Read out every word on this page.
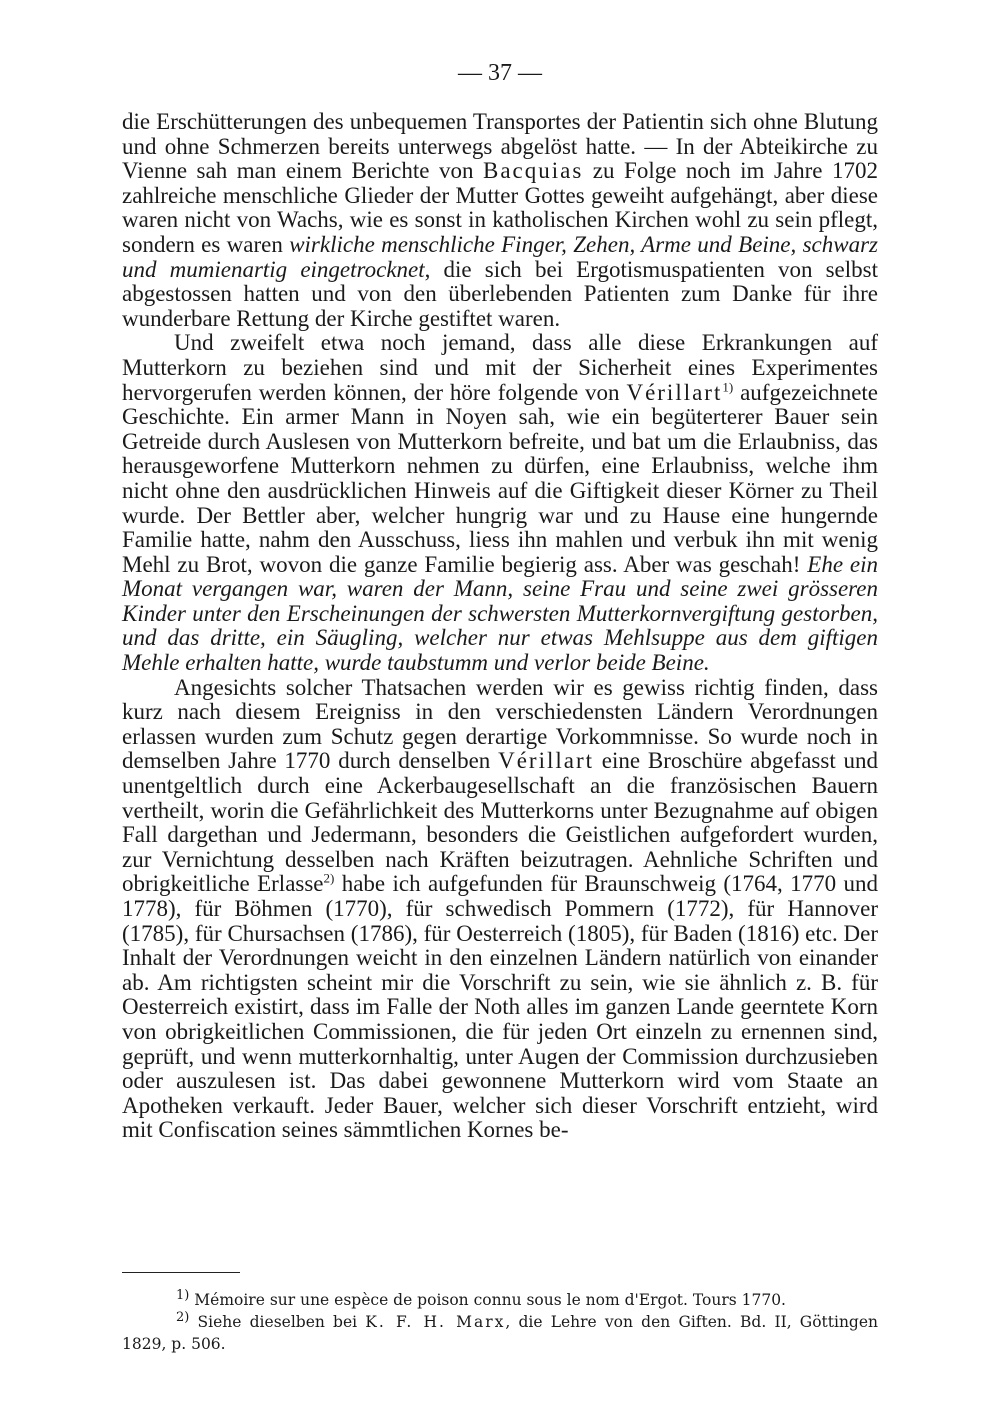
— 37 —

die Erschütterungen des unbequemen Transportes der Patientin sich ohne Blutung und ohne Schmerzen bereits unterwegs abgelöst hatte. — In der Abteikirche zu Vienne sah man einem Berichte von Bacquias zu Folge noch im Jahre 1702 zahlreiche menschliche Glieder der Mutter Gottes geweiht aufgehängt, aber diese waren nicht von Wachs, wie es sonst in katholischen Kirchen wohl zu sein pflegt, sondern es waren wirkliche menschliche Finger, Zehen, Arme und Beine, schwarz und mumienartig eingetrocknet, die sich bei Ergotismuspatienten von selbst abgestossen hatten und von den überlebenden Patienten zum Danke für ihre wunderbare Rettung der Kirche gestiftet waren.

Und zweifelt etwa noch jemand, dass alle diese Erkrankungen auf Mutterkorn zu beziehen sind und mit der Sicherheit eines Experimentes hervorgerufen werden können, der höre folgende von Vérillart$^{1)}$ aufgezeichnete Geschichte. Ein armer Mann in Noyen sah, wie ein begüterterer Bauer sein Getreide durch Auslesen von Mutterkorn befreite, und bat um die Erlaubniss, das herausgeworfene Mutterkorn nehmen zu dürfen, eine Erlaubniss, welche ihm nicht ohne den ausdrücklichen Hinweis auf die Giftigkeit dieser Körner zu Theil wurde. Der Bettler aber, welcher hungrig war und zu Hause eine hungernde Familie hatte, nahm den Ausschuss, liess ihn mahlen und verbuk ihn mit wenig Mehl zu Brot, wovon die ganze Familie begierig ass. Aber was geschah! Ehe ein Monat vergangen war, waren der Mann, seine Frau und seine zwei grösseren Kinder unter den Erscheinungen der schwersten Mutterkornvergiftung gestorben, und das dritte, ein Säugling, welcher nur etwas Mehlsuppe aus dem giftigen Mehle erhalten hatte, wurde taubstumm und verlor beide Beine.

Angesichts solcher Thatsachen werden wir es gewiss richtig finden, dass kurz nach diesem Ereigniss in den verschiedensten Ländern Verordnungen erlassen wurden zum Schutz gegen derartige Vorkommnisse. So wurde noch in demselben Jahre 1770 durch denselben Vérillart eine Broschüre abgefasst und unentgeltlich durch eine Ackerbaugesellschaft an die französischen Bauern vertheilt, worin die Gefährlichkeit des Mutterkorns unter Bezugnahme auf obigen Fall dargethan und Jedermann, besonders die Geistlichen aufgefordert wurden, zur Vernichtung desselben nach Kräften beizutragen. Aehnliche Schriften und obrigkeitliche Erlasse$^{2)}$ habe ich aufgefunden für Braunschweig (1764, 1770 und 1778), für Böhmen (1770), für schwedisch Pommern (1772), für Hannover (1785), für Chursachsen (1786), für Oesterreich (1805), für Baden (1816) etc. Der Inhalt der Verordnungen weicht in den einzelnen Ländern natürlich von einander ab. Am richtigsten scheint mir die Vorschrift zu sein, wie sie ähnlich z. B. für Oesterreich existirt, dass im Falle der Noth alles im ganzen Lande geerntete Korn von obrigkeitlichen Commissionen, die für jeden Ort einzeln zu ernennen sind, geprüft, und wenn mutterkornhaltig, unter Augen der Commission durchzusieben oder auszulesen ist. Das dabei gewonnene Mutterkorn wird vom Staate an Apotheken verkauft. Jeder Bauer, welcher sich dieser Vorschrift entzieht, wird mit Confiscation seines sämmtlichen Kornes be-

$^{1)}$ Mémoire sur une espèce de poison connu sous le nom d'Ergot. Tours 1770.

$^{2)}$ Siehe dieselben bei K. F. H. Marx, die Lehre von den Giften. Bd. II, Göttingen 1829, p. 506.
